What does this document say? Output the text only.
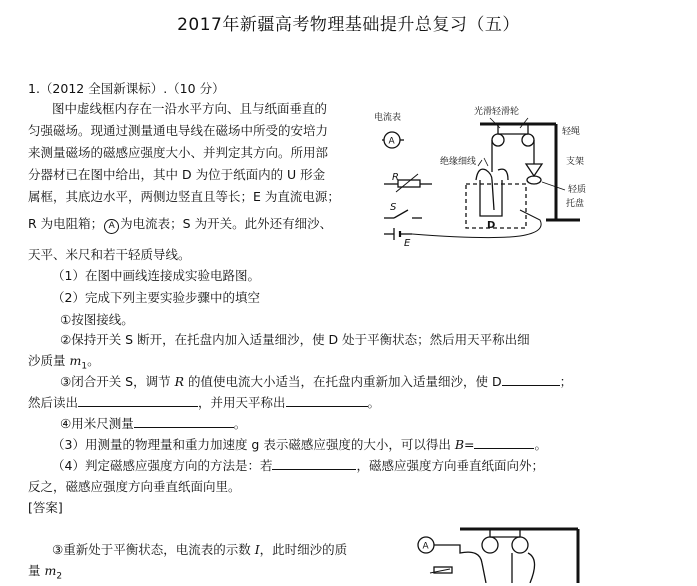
2017年新疆高考物理基础提升总复习（五）
1.（2012 全国新课标）.（10 分）
图中虚线框内存在一沿水平方向、且与纸面垂直的
匀强磁场。现通过测量通电导线在磁场中所受的安培力
来测量磁场的磁感应强度大小、并判定其方向。所用部
分器材已在图中给出，其中 D 为位于纸面内的 U 形金
属框，其底边水平，两侧边竖直且等长；E 为直流电源；
R 为电阻箱； A 为电流表；S 为开关。此外还有细沙、
天平、米尺和若干轻质导线。
（1）在图中画线连接成实验电路图。
（2）完成下列主要实验步骤中的填空
①按图接线。
②保持开关 S 断开，在托盘内加入适量细沙，使 D 处于平衡状态；然后用天平称出细
沙质量 $m_1$。
③闭合开关 S，调节 R 的值使电流大小适当，在托盘内重新加入适量细沙，使 D	；
然后读出	，并用天平称出	。
④用米尺测量	。
（3）用测量的物理量和重力加速度 g 表示磁感应强度的大小，可以得出 B=	。
（4）判定磁感应强度方向的方法是：若	，磁感应强度方向垂直纸面向外；
反之，磁感应强度方向垂直纸面向里。
[答案]
③重新处于平衡状态，电流表的示数 I，此时细沙的质
量 $m_2$
电流表
A
光滑轻滑轮
轻绳
支架
轻质
托盘
绝缘细线
D
R
S
E
A
